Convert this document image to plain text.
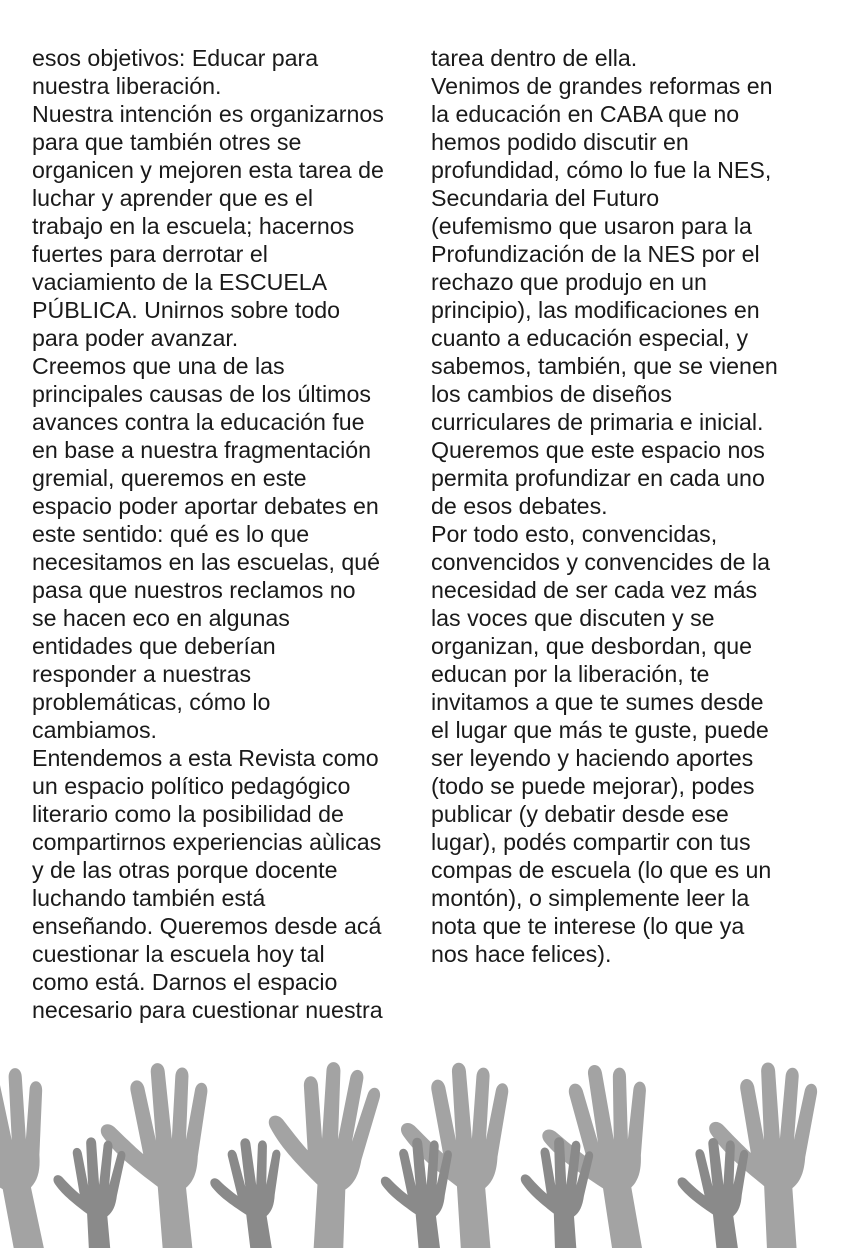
esos objetivos: Educar para
nuestra liberación.
Nuestra intención es organizarnos
para que también otres se
organicen y mejoren esta tarea de
luchar y aprender que es el
trabajo en la escuela; hacernos
fuertes para derrotar el
vaciamiento de la ESCUELA
PÚBLICA. Unirnos sobre todo
para poder avanzar.
Creemos que una de las
principales causas de los últimos
avances contra la educación fue
en base a nuestra fragmentación
gremial, queremos en este
espacio poder aportar debates en
este sentido: qué es lo que
necesitamos en las escuelas, qué
pasa que nuestros reclamos no
se hacen eco en algunas
entidades que deberían
responder a nuestras
problemáticas, cómo lo
cambiamos.
Entendemos a esta Revista como
un espacio político pedagógico
literario como la posibilidad de
compartirnos experiencias aùlicas
y de las otras porque docente
luchando también está
enseñando. Queremos desde acá
cuestionar la escuela hoy tal
como está. Darnos el espacio
necesario para cuestionar nuestra
tarea dentro de ella.
Venimos de grandes reformas en
la educación en CABA que no
hemos podido discutir en
profundidad, cómo lo fue la NES,
Secundaria del Futuro
(eufemismo que usaron para la
Profundización de la NES por el
rechazo que produjo en un
principio), las modificaciones en
cuanto a educación especial, y
sabemos, también, que se vienen
los cambios de diseños
curriculares de primaria e inicial.
Queremos que este espacio nos
permita profundizar en cada uno
de esos debates.
Por todo esto, convencidas,
convencidos y convencides de la
necesidad de ser cada vez más
las voces que discuten y se
organizan, que desbordan, que
educan por la liberación, te
invitamos a que te sumes desde
el lugar que más te guste, puede
ser leyendo y haciendo aportes
(todo se puede mejorar), podes
publicar (y debatir desde ese
lugar), podés compartir con tus
compas de escuela (lo que es un
montón), o simplemente leer la
nota que te interese (lo que ya
nos hace felices).
